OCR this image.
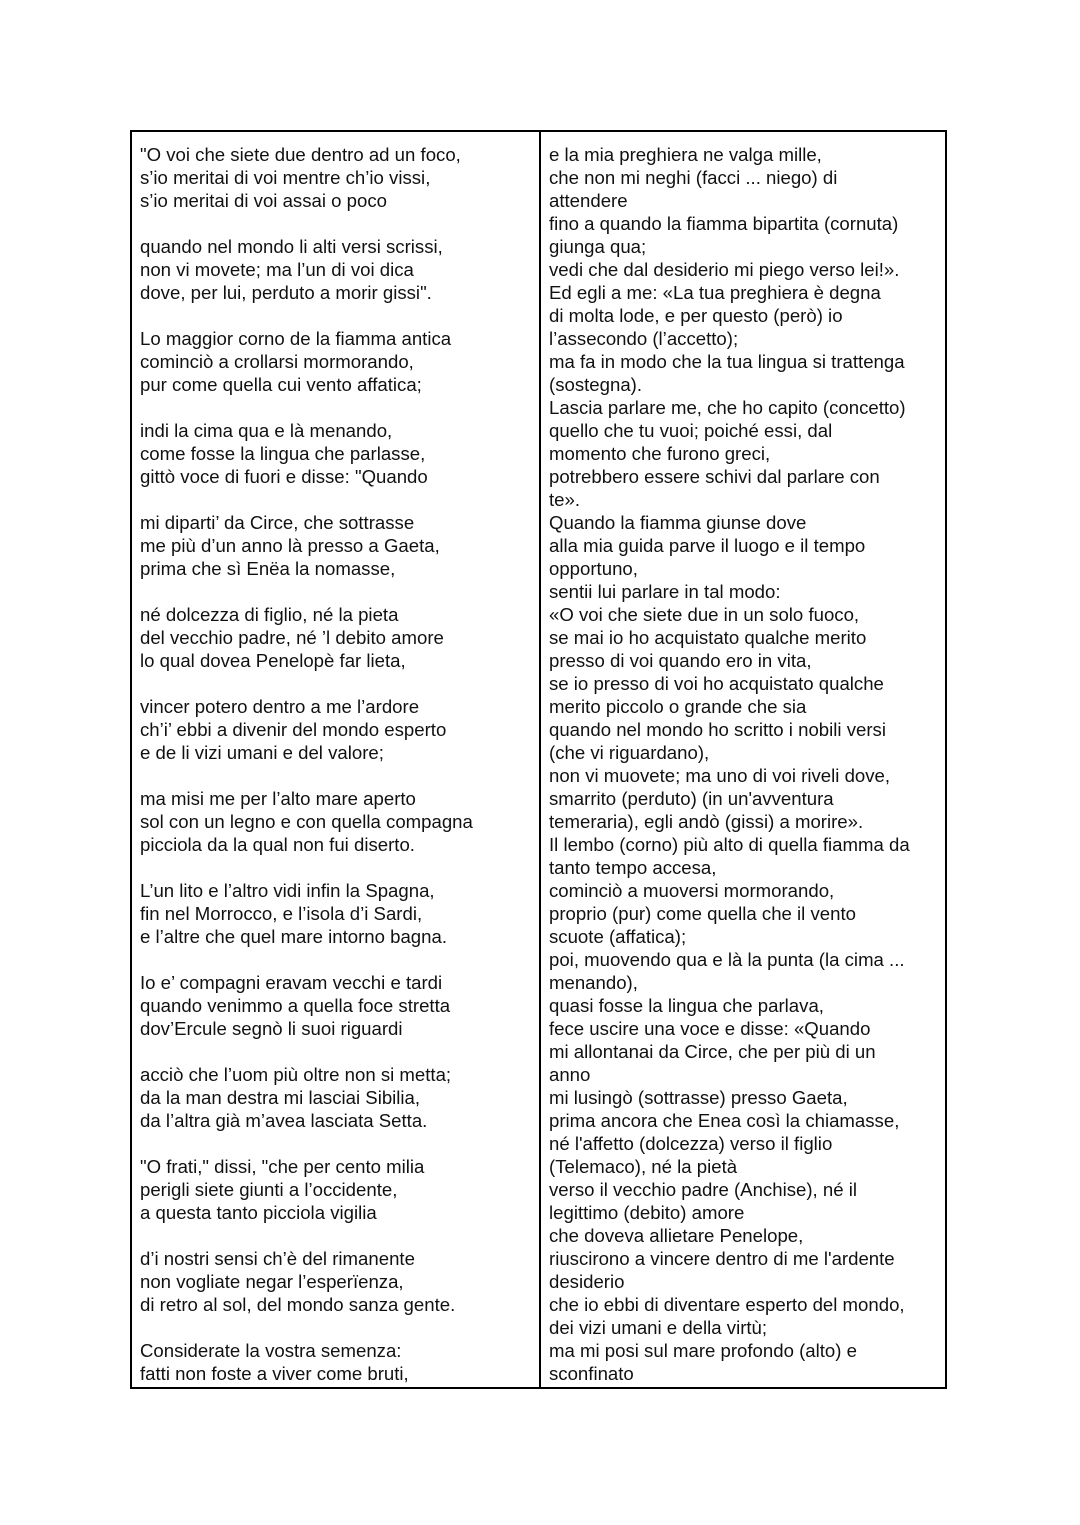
"O voi che siete due dentro ad un foco,
s’io meritai di voi mentre ch’io vissi,
s’io meritai di voi assai o poco
quando nel mondo li alti versi scrissi,
non vi movete; ma l’un di voi dica
dove, per lui, perduto a morir gissi".
Lo maggior corno de la fiamma antica
cominciò a crollarsi mormorando,
pur come quella cui vento affatica;
indi la cima qua e là menando,
come fosse la lingua che parlasse,
gittò voce di fuori e disse: "Quando
mi diparti’ da Circe, che sottrasse
me più d’un anno là presso a Gaeta,
prima che sì Enëa la nomasse,
né dolcezza di figlio, né la pieta
del vecchio padre, né ’l debito amore
lo qual dovea Penelopè far lieta,
vincer potero dentro a me l’ardore
ch’i’ ebbi a divenir del mondo esperto
e de li vizi umani e del valore;
ma misi me per l’alto mare aperto
sol con un legno e con quella compagna
picciola da la qual non fui diserto.
L’un lito e l’altro vidi infin la Spagna,
fin nel Morrocco, e l’isola d’i Sardi,
e l’altre che quel mare intorno bagna.
Io e’ compagni eravam vecchi e tardi
quando venimmo a quella foce stretta
dov’Ercule segnò li suoi riguardi
acciò che l’uom più oltre non si metta;
da la man destra mi lasciai Sibilia,
da l’altra già m’avea lasciata Setta.
"O frati," dissi, "che per cento milia
perigli siete giunti a l’occidente,
a questa tanto picciola vigilia
d’i nostri sensi ch’è del rimanente
non vogliate negar l’esperïenza,
di retro al sol, del mondo sanza gente.
Considerate la vostra semenza:
fatti non foste a viver come bruti,
e la mia preghiera ne valga mille,
che non mi neghi (facci ... niego) di
attendere
fino a quando la fiamma bipartita (cornuta)
giunga qua;
vedi che dal desiderio mi piego verso lei!».
Ed egli a me: «La tua preghiera è degna
di molta lode, e per questo (però) io
l’assecondo (l’accetto);
ma fa in modo che la tua lingua si trattenga
(sostegna).
Lascia parlare me, che ho capito (concetto)
quello che tu vuoi; poiché essi, dal
momento che furono greci,
potrebbero essere schivi dal parlare con
te».
Quando la fiamma giunse dove
alla mia guida parve il luogo e il tempo
opportuno,
sentii lui parlare in tal modo:
«O voi che siete due in un solo fuoco,
se mai io ho acquistato qualche merito
presso di voi quando ero in vita,
se io presso di voi ho acquistato qualche
merito piccolo o grande che sia
quando nel mondo ho scritto i nobili versi
(che vi riguardano),
non vi muovete; ma uno di voi riveli dove,
smarrito (perduto) (in un'avventura
temeraria), egli andò (gissi) a morire».
Il lembo (corno) più alto di quella fiamma da
tanto tempo accesa,
cominciò a muoversi mormorando,
proprio (pur) come quella che il vento
scuote (affatica);
poi, muovendo qua e là la punta (la cima ...
menando),
quasi fosse la lingua che parlava,
fece uscire una voce e disse: «Quando
mi allontanai da Circe, che per più di un
anno
mi lusingò (sottrasse) presso Gaeta,
prima ancora che Enea così la chiamasse,
né l'affetto (dolcezza) verso il figlio
(Telemaco), né la pietà
verso il vecchio padre (Anchise), né il
legittimo (debito) amore
che doveva allietare Penelope,
riuscirono a vincere dentro di me l'ardente
desiderio
che io ebbi di diventare esperto del mondo,
dei vizi umani e della virtù;
ma mi posi sul mare profondo (alto) e
sconfinato
